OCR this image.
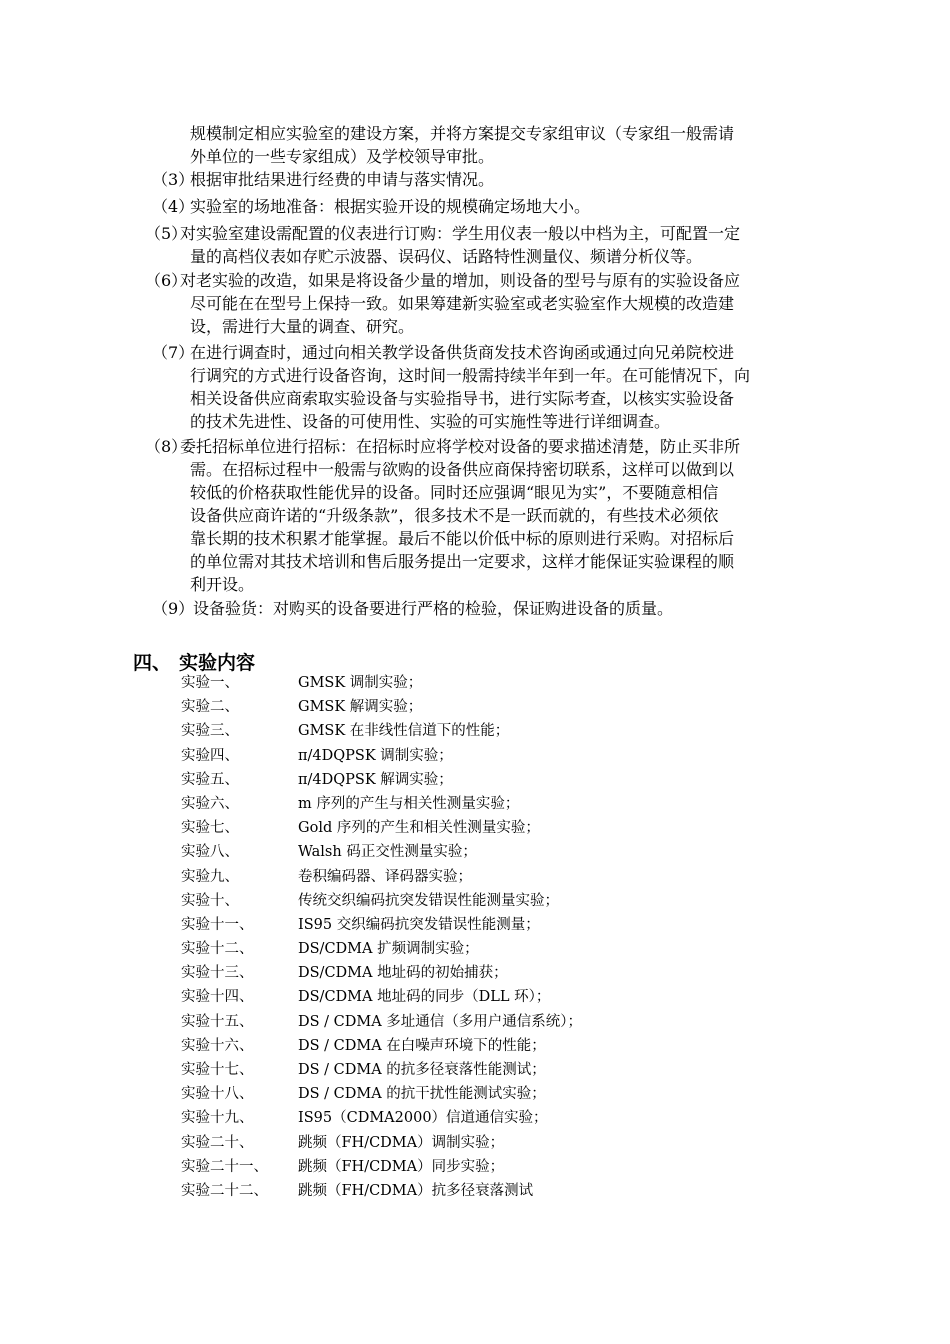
规模制定相应实验室的建设方案，并将方案提交专家组审议（专家组一般需请
外单位的一些专家组成）及学校领导审批。
（3）
根据审批结果进行经费的申请与落实情况。
（4）
实验室的场地准备：根据实验开设的规模确定场地大小。
（5）
对实验室建设需配置的仪表进行订购：学生用仪表一般以中档为主，可配置一定
量的高档仪表如存贮示波器、误码仪、话路特性测量仪、频谱分析仪等。
（6）
对老实验的改造，如果是将设备少量的增加，则设备的型号与原有的实验设备应
尽可能在在型号上保持一致。如果筹建新实验室或老实验室作大规模的改造建
设，需进行大量的调查、研究。
（7）
在进行调查时，通过向相关教学设备供货商发技术咨询函或通过向兄弟院校进
行调究的方式进行设备咨询，这时间一般需持续半年到一年。在可能情况下，向
相关设备供应商索取实验设备与实验指导书，进行实际考查，以核实实验设备
的技术先进性、设备的可使用性、实验的可实施性等进行详细调查。
（8）
委托招标单位进行招标：在招标时应将学校对设备的要求描述清楚，防止买非所
需。在招标过程中一般需与欲购的设备供应商保持密切联系，这样可以做到以
较低的价格获取性能优异的设备。同时还应强调“眼见为实”，不要随意相信
设备供应商许诺的“升级条款”，很多技术不是一跃而就的，有些技术必须依
靠长期的技术积累才能掌握。最后不能以价低中标的原则进行采购。对招标后
的单位需对其技术培训和售后服务提出一定要求，这样才能保证实验课程的顺
利开设。
（9）
设备验货：对购买的设备要进行严格的检验，保证购进设备的质量。
四、 实验内容
实验一、	GMSK 调制实验；
实验二、	GMSK 解调实验；
实验三、	GMSK 在非线性信道下的性能；
实验四、	π/4DQPSK 调制实验；
实验五、	π/4DQPSK 解调实验；
实验六、	m 序列的产生与相关性测量实验；
实验七、	Gold 序列的产生和相关性测量实验；
实验八、	Walsh 码正交性测量实验；
实验九、	卷积编码器、译码器实验；
实验十、	传统交织编码抗突发错误性能测量实验；
实验十一、	IS95 交织编码抗突发错误性能测量；
实验十二、	DS/CDMA 扩频调制实验；
实验十三、	DS/CDMA 地址码的初始捕获；
实验十四、	DS/CDMA 地址码的同步（DLL 环）；
实验十五、	DS / CDMA 多址通信（多用户通信系统）；
实验十六、	DS / CDMA 在白噪声环境下的性能；
实验十七、	DS / CDMA 的抗多径衰落性能测试；
实验十八、	DS / CDMA 的抗干扰性能测试实验；
实验十九、	IS95（CDMA2000）信道通信实验；
实验二十、	跳频（FH/CDMA）调制实验；
实验二十一、 跳频（FH/CDMA）同步实验；
实验二十二、 跳频（FH/CDMA）抗多径衰落测试
